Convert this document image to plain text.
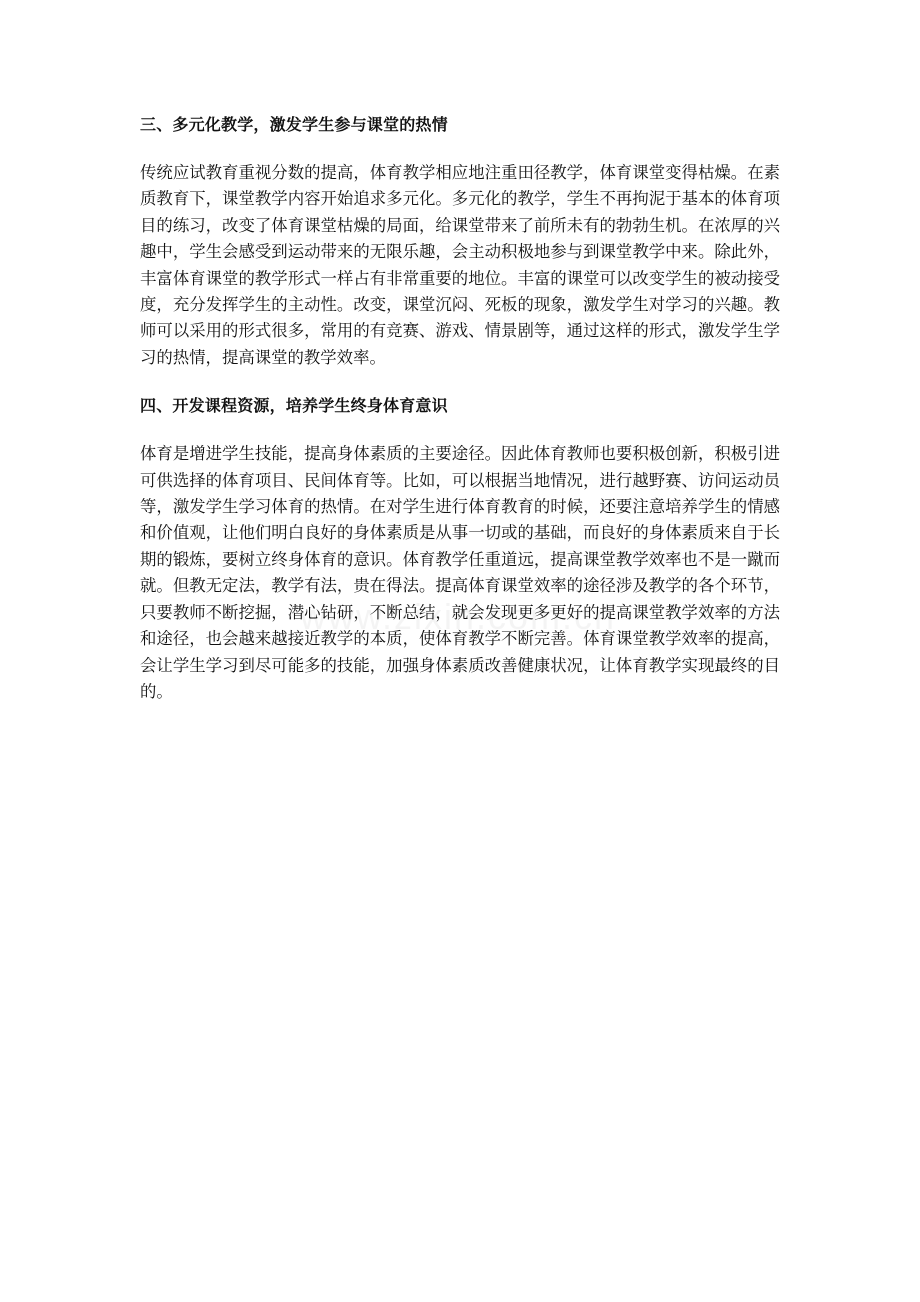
三、多元化教学，激发学生参与课堂的热情

传统应试教育重视分数的提高，体育教学相应地注重田径教学，体育课堂变得枯燥。在素质教育下，课堂教学内容开始追求多元化。多元化的教学，学生不再拘泥于基本的体育项目的练习，改变了体育课堂枯燥的局面，给课堂带来了前所未有的勃勃生机。在浓厚的兴趣中，学生会感受到运动带来的无限乐趣，会主动积极地参与到课堂教学中来。除此外，丰富体育课堂的教学形式一样占有非常重要的地位。丰富的课堂可以改变学生的被动接受度，充分发挥学生的主动性。改变，课堂沉闷、死板的现象，激发学生对学习的兴趣。教师可以采用的形式很多，常用的有竞赛、游戏、情景剧等，通过这样的形式，激发学生学习的热情，提高课堂的教学效率。

四、开发课程资源，培养学生终身体育意识

体育是增进学生技能，提高身体素质的主要途径。因此体育教师也要积极创新，积极引进可供选择的体育项目、民间体育等。比如，可以根据当地情况，进行越野赛、访问运动员等，激发学生学习体育的热情。在对学生进行体育教育的时候，还要注意培养学生的情感和价值观，让他们明白良好的身体素质是从事一切或的基础，而良好的身体素质来自于长期的锻炼，要树立终身体育的意识。体育教学任重道远，提高课堂教学效率也不是一蹴而就。但教无定法，教学有法，贵在得法。提高体育课堂效率的途径涉及教学的各个环节，只要教师不断挖掘，潜心钻研，不断总结，就会发现更多更好的提高课堂教学效率的方法和途径，也会越来越接近教学的本质，使体育教学不断完善。体育课堂教学效率的提高，会让学生学习到尽可能多的技能，加强身体素质改善健康状况，让体育教学实现最终的目的。
